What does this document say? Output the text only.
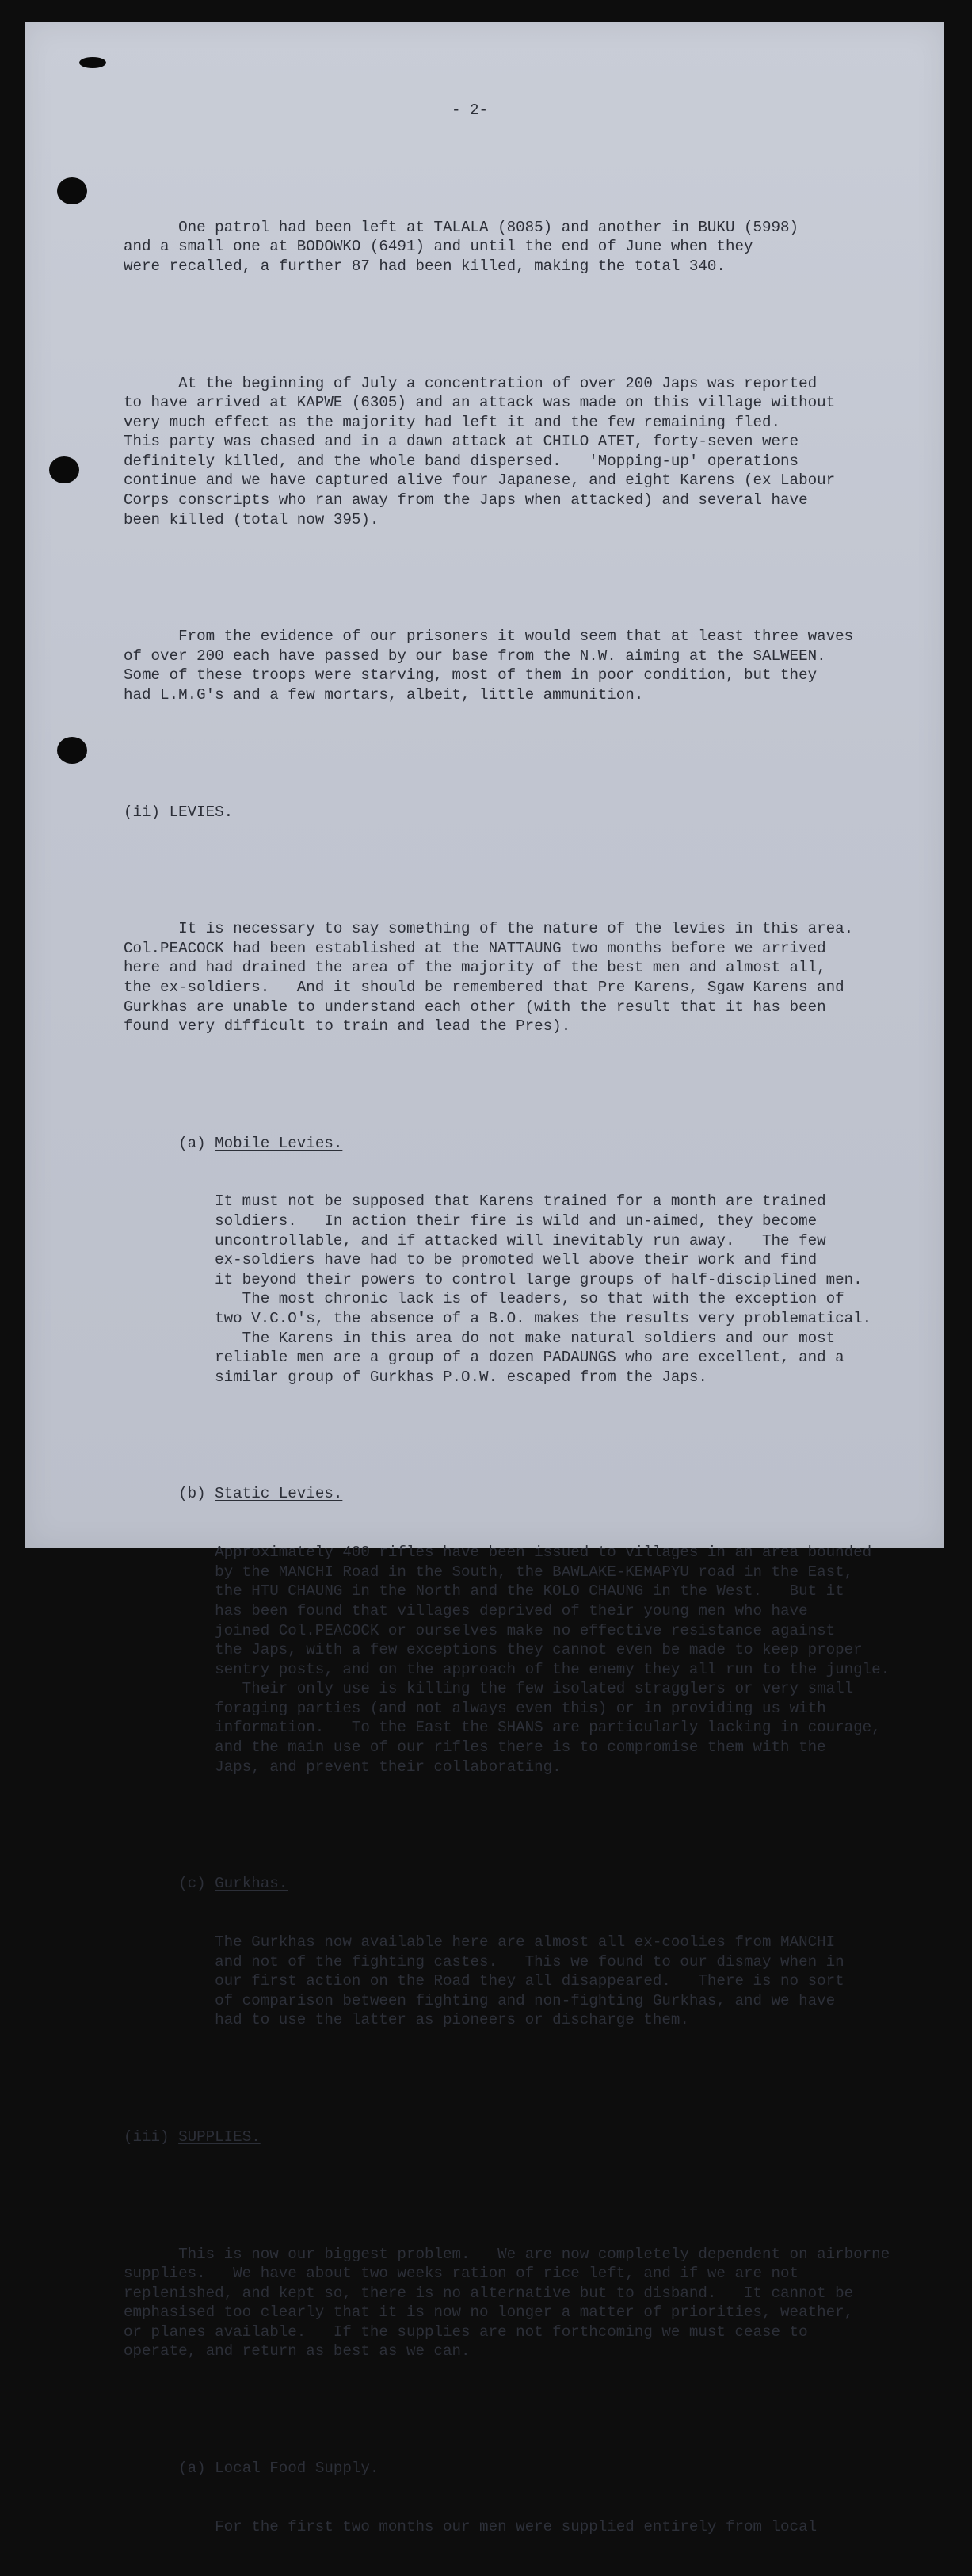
- 2-

One patrol had been left at TALALA (8085) and another in BUKU (5998)
and a small one at BODOWKO (6491) and until the end of June when they
were recalled, a further 87 had been killed, making the total 340.

At the beginning of July a concentration of over 200 Japs was reported
to have arrived at KAPWE (6305) and an attack was made on this village without
very much effect as the majority had left it and the few remaining fled.
This party was chased and in a dawn attack at CHILO ATET, forty-seven were
definitely killed, and the whole band dispersed.   'Mopping-up' operations
continue and we have captured alive four Japanese, and eight Karens (ex Labour
Corps conscripts who ran away from the Japs when attacked) and several have
been killed (total now 395).

From the evidence of our prisoners it would seem that at least three waves
of over 200 each have passed by our base from the N.W. aiming at the SALWEEN.
Some of these troops were starving, most of them in poor condition, but they
had L.M.G's and a few mortars, albeit, little ammunition.

(ii) LEVIES.

It is necessary to say something of the nature of the levies in this area.
Col.PEACOCK had been established at the NATTAUNG two months before we arrived
here and had drained the area of the majority of the best men and almost all,
the ex-soldiers.   And it should be remembered that Pre Karens, Sgaw Karens and
Gurkhas are unable to understand each other (with the result that it has been
found very difficult to train and lead the Pres).

(a) Mobile Levies.

It must not be supposed that Karens trained for a month are trained
soldiers.   In action their fire is wild and un-aimed, they become
uncontrollable, and if attacked will inevitably run away.   The few
ex-soldiers have had to be promoted well above their work and find
it beyond their powers to control large groups of half-disciplined men.
The most chronic lack is of leaders, so that with the exception of
two V.C.O's, the absence of a B.O. makes the results very problematical.
The Karens in this area do not make natural soldiers and our most
reliable men are a group of a dozen PADAUNGS who are excellent, and a
similar group of Gurkhas P.O.W. escaped from the Japs.

(b) Static Levies.

Approximately 400 rifles have been issued to villages in an area bounded
by the MANCHI Road in the South, the BAWLAKE-KEMAPYU road in the East,
the HTU CHAUNG in the North and the KOLO CHAUNG in the West.   But it
has been found that villages deprived of their young men who have
joined Col.PEACOCK or ourselves make no effective resistance against
the Japs, with a few exceptions they cannot even be made to keep proper
sentry posts, and on the approach of the enemy they all run to the jungle.
Their only use is killing the few isolated stragglers or very small
foraging parties (and not always even this) or in providing us with
information.   To the East the SHANS are particularly lacking in courage,
and the main use of our rifles there is to compromise them with the
Japs, and prevent their collaborating.

(c) Gurkhas.

The Gurkhas now available here are almost all ex-coolies from MANCHI
and not of the fighting castes.   This we found to our dismay when in
our first action on the Road they all disappeared.   There is no sort
of comparison between fighting and non-fighting Gurkhas, and we have
had to use the latter as pioneers or discharge them.

(iii) SUPPLIES.

This is now our biggest problem.   We are now completely dependent on airborne
supplies.   We have about two weeks ration of rice left, and if we are not
replenished, and kept so, there is no alternative but to disband.   It cannot be
emphasised too clearly that it is now no longer a matter of priorities, weather,
or planes available.   If the supplies are not forthcoming we must cease to
operate, and return as best as we can.

(a) Local Food Supply.

For the first two months our men were supplied entirely from local
